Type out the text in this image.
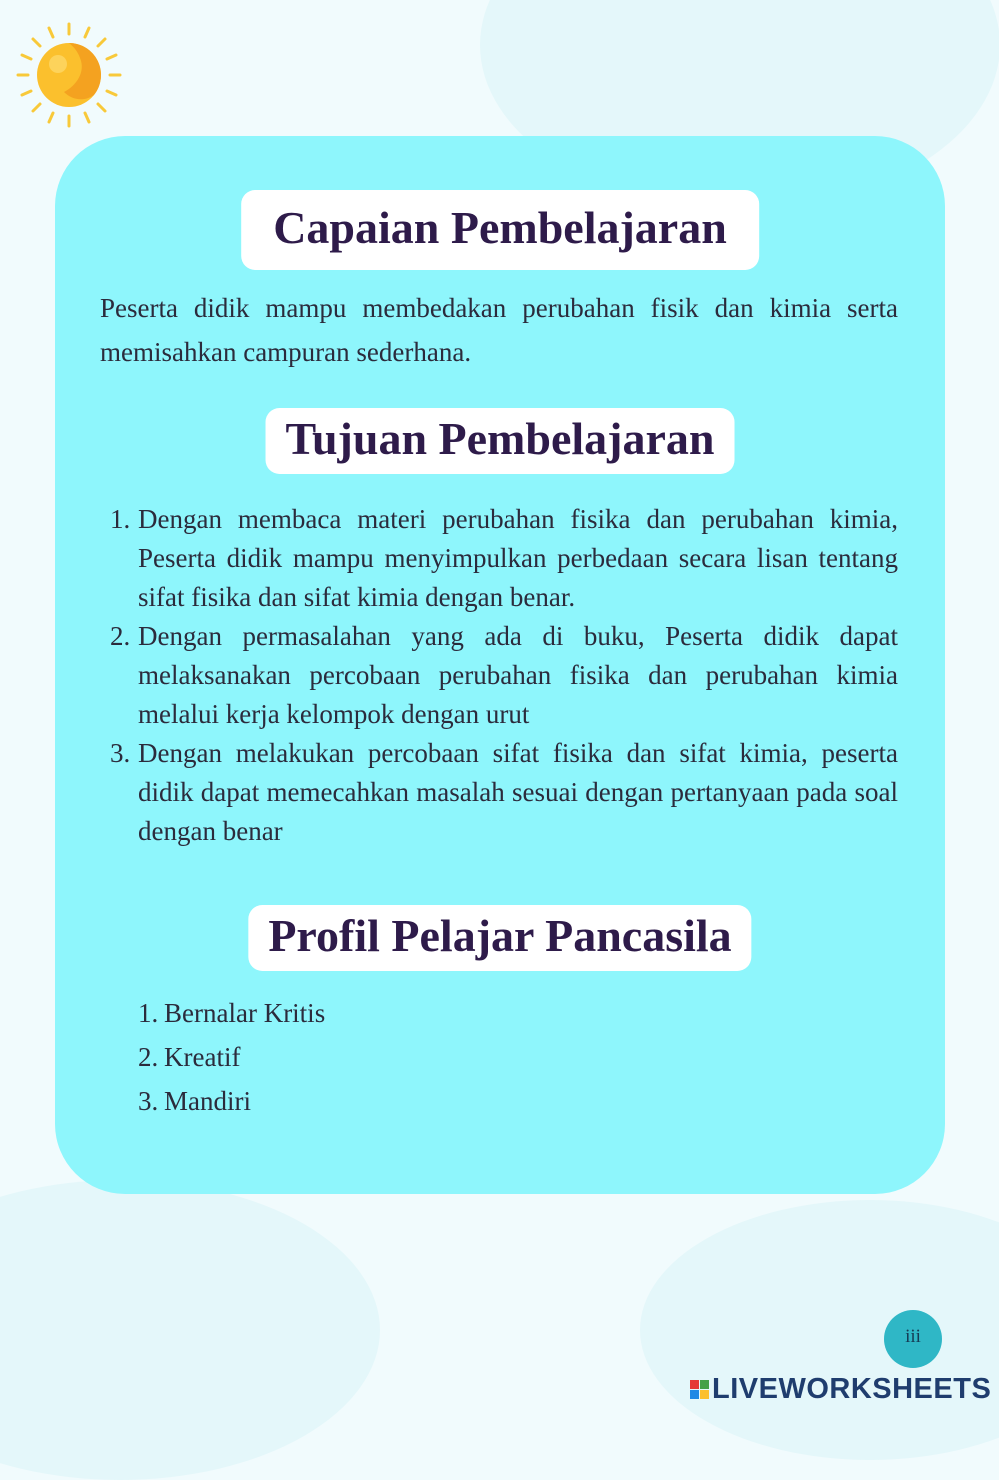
Capaian Pembelajaran

Peserta didik mampu membedakan perubahan fisik dan kimia serta memisahkan campuran sederhana.

Tujuan Pembelajaran
1. Dengan membaca materi perubahan fisika dan perubahan kimia, Peserta didik mampu menyimpulkan perbedaan secara lisan tentang sifat fisika dan sifat kimia dengan benar.
2. Dengan permasalahan yang ada di buku, Peserta didik dapat melaksanakan percobaan perubahan fisika dan perubahan kimia melalui kerja kelompok dengan urut
3. Dengan melakukan percobaan sifat fisika dan sifat kimia, peserta didik dapat memecahkan masalah sesuai dengan pertanyaan pada soal dengan benar
Profil Pelajar Pancasila
1. Bernalar Kritis
2. Kreatif
3. Mandiri
iii
LIVEWORKSHEETS
